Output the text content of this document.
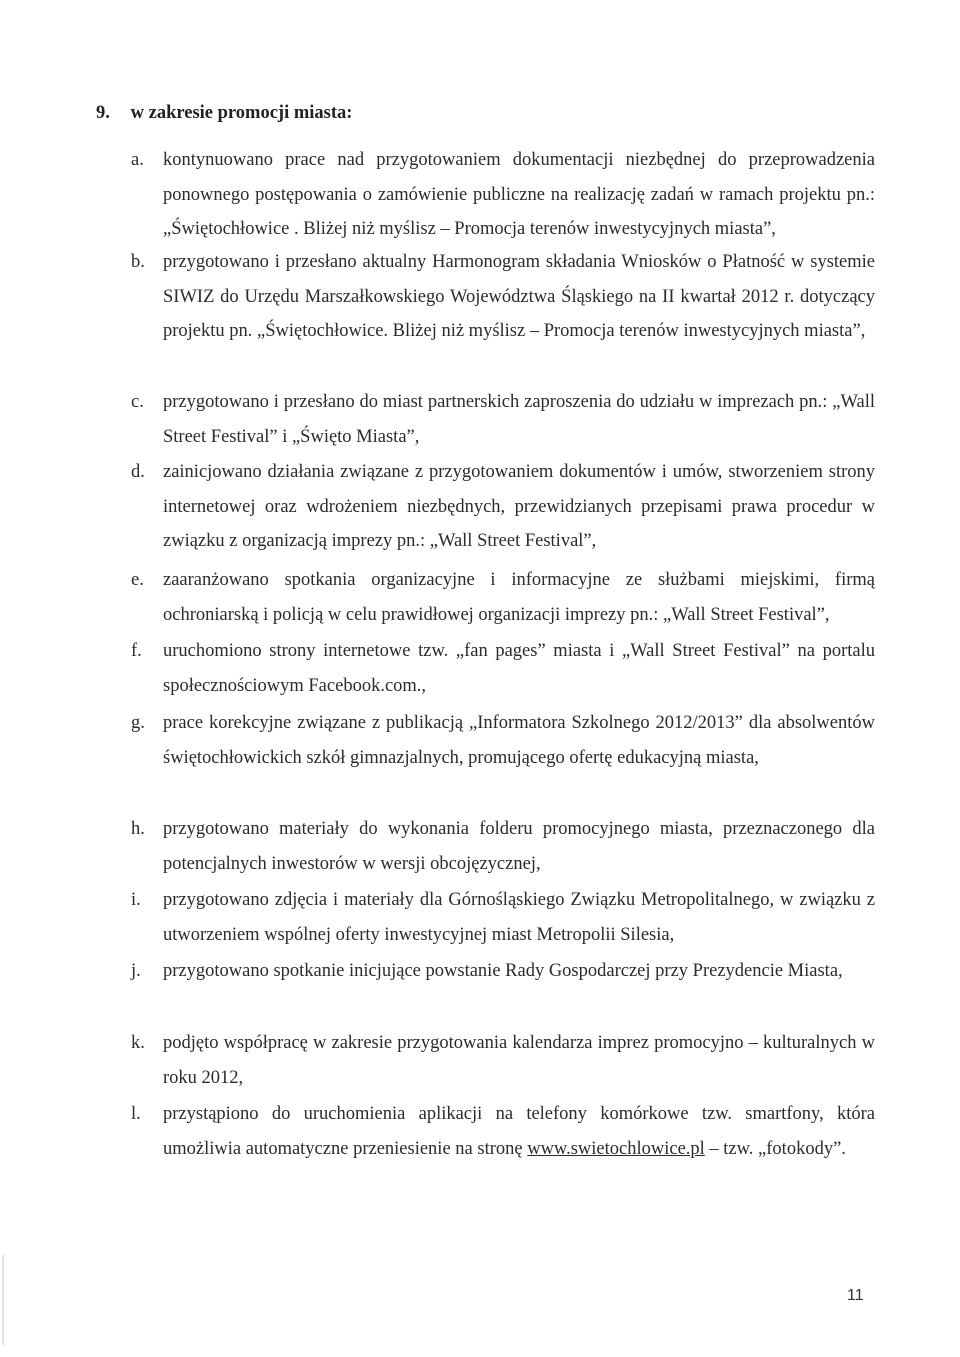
9. w zakresie promocji miasta:
a. kontynuowano prace nad przygotowaniem dokumentacji niezbędnej do przeprowadzenia ponownego postępowania o zamówienie publiczne na realizację zadań w ramach projektu pn.: „Świętochłowice . Bliżej niż myślisz – Promocja terenów inwestycyjnych miasta”,
b. przygotowano i przesłano aktualny Harmonogram składania Wniosków o Płatność w systemie SIWIZ do Urzędu Marszałkowskiego Województwa Śląskiego na II kwartał 2012 r. dotyczący projektu pn. „Świętochłowice. Bliżej niż myślisz – Promocja terenów inwestycyjnych miasta”,
c. przygotowano i przesłano do miast partnerskich zaproszenia do udziału w imprezach pn.: „Wall Street Festival” i „Święto Miasta”,
d. zainicjowano działania związane z przygotowaniem dokumentów i umów, stworzeniem strony internetowej oraz wdrożeniem niezbędnych, przewidzianych przepisami prawa procedur w związku z organizacją imprezy pn.: „Wall Street Festival”,
e. zaaranżowano spotkania organizacyjne i informacyjne ze służbami miejskimi, firmą ochroniarską i policją w celu prawidłowej organizacji imprezy pn.: „Wall Street Festival”,
f. uruchomiono strony internetowe tzw. „fan pages” miasta i „Wall Street Festival” na portalu społecznościowym Facebook.com.,
g. prace korekcyjne związane z publikacją „Informatora Szkolnego 2012/2013” dla absolwentów świętochłowickich szkół gimnazjalnych, promującego ofertę edukacyjną miasta,
h. przygotowano materiały do wykonania folderu promocyjnego miasta, przeznaczonego dla potencjalnych inwestorów w wersji obcojęzycznej,
i. przygotowano zdjęcia i materiały dla Górnośląskiego Związku Metropolitalnego, w związku z utworzeniem wspólnej oferty inwestycyjnej miast Metropolii Silesia,
j. przygotowano spotkanie inicjujące powstanie Rady Gospodarczej przy Prezydencie Miasta,
k. podjęto współpracę w zakresie przygotowania kalendarza imprez promocyjno – kulturalnych w roku 2012,
l. przystąpiono do uruchomienia aplikacji na telefony komórkowe tzw. smartfony, która umożliwia automatyczne przeniesienie na stronę www.swietochlowice.pl – tzw. „fotokody”.
11
